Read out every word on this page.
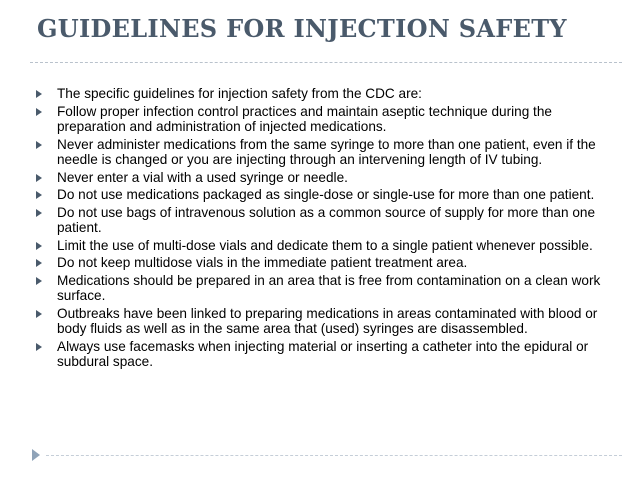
GUIDELINES FOR INJECTION SAFETY
The specific guidelines for injection safety from the CDC are:
Follow proper infection control practices and maintain aseptic technique during the preparation and administration of injected medications.
Never administer medications from the same syringe to more than one patient, even if the needle is changed or you are injecting through an intervening length of IV tubing.
Never enter a vial with a used syringe or needle.
Do not use medications packaged as single-dose or single-use for more than one patient.
Do not use bags of intravenous solution as a common source of supply for more than one patient.
Limit the use of multi-dose vials and dedicate them to a single patient whenever possible.
Do not keep multidose vials in the immediate patient treatment area.
Medications should be prepared in an area that is free from contamination on a clean work surface.
Outbreaks have been linked to preparing medications in areas contaminated with blood or body fluids as well as in the same area that (used) syringes are disassembled.
Always use facemasks when injecting material or inserting a catheter into the epidural or subdural space.
